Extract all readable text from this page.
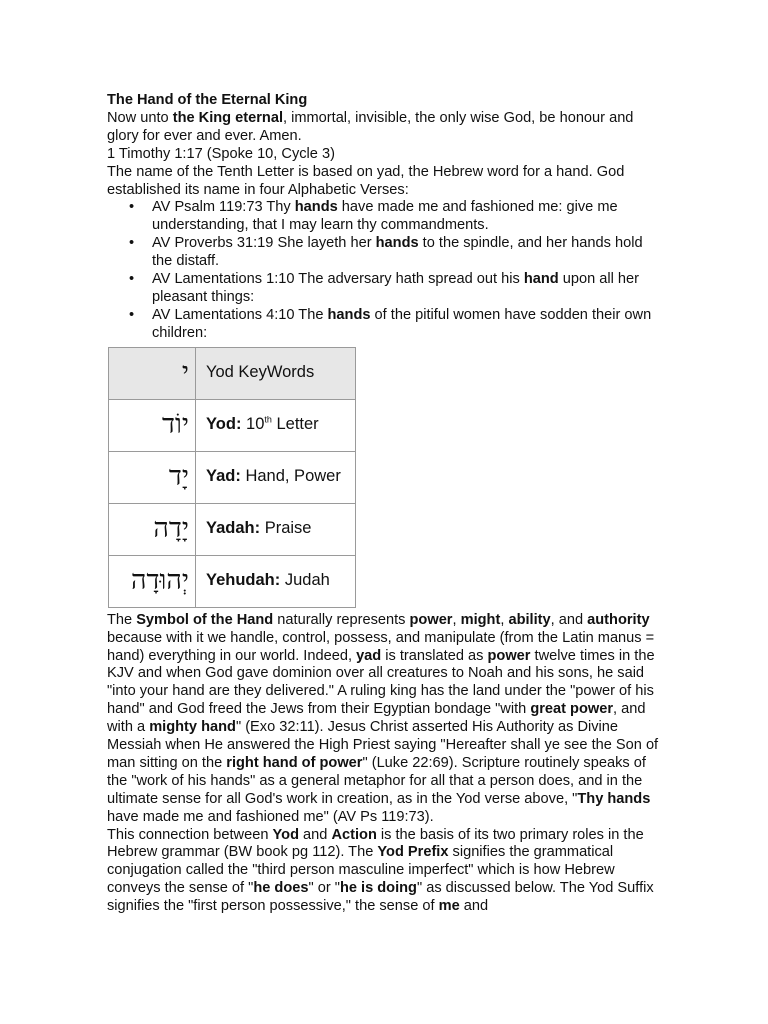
The Hand of the Eternal King

Now unto the King eternal, immortal, invisible, the only wise God, be honour and glory for ever and ever. Amen.

1 Timothy 1:17 (Spoke 10, Cycle 3)

The name of the Tenth Letter is based on yad, the Hebrew word for a hand. God established its name in four Alphabetic Verses:

• AV Psalm 119:73 Thy hands have made me and fashioned me: give me understanding, that I may learn thy commandments.
• AV Proverbs 31:19 She layeth her hands to the spindle, and her hands hold the distaff.
• AV Lamentations 1:10 The adversary hath spread out his hand upon all her pleasant things:
• AV Lamentations 4:10 The hands of the pitiful women have sodden their own children:
י	Yod KeyWords
יוֹד	Yod: 10th Letter
יָד	Yad: Hand, Power
יָדָה	Yadah: Praise
יְהוּדָה	Yehudah: Judah

The Symbol of the Hand naturally represents power, might, ability, and authority because with it we handle, control, possess, and manipulate (from the Latin manus = hand) everything in our world. Indeed, yad is translated as power twelve times in the KJV and when God gave dominion over all creatures to Noah and his sons, he said "into your hand are they delivered." A ruling king has the land under the "power of his hand" and God freed the Jews from their Egyptian bondage "with great power, and with a mighty hand" (Exo 32:11). Jesus Christ asserted His Authority as Divine Messiah when He answered the High Priest saying "Hereafter shall ye see the Son of man sitting on the right hand of power" (Luke 22:69). Scripture routinely speaks of the "work of his hands" as a general metaphor for all that a person does, and in the ultimate sense for all God's work in creation, as in the Yod verse above, "Thy hands have made me and fashioned me" (AV Ps 119:73).

This connection between Yod and Action is the basis of its two primary roles in the Hebrew grammar (BW book pg 112). The Yod Prefix signifies the grammatical conjugation called the "third person masculine imperfect" which is how Hebrew conveys the sense of "he does" or "he is doing" as discussed below. The Yod Suffix signifies the "first person possessive," the sense of me and
